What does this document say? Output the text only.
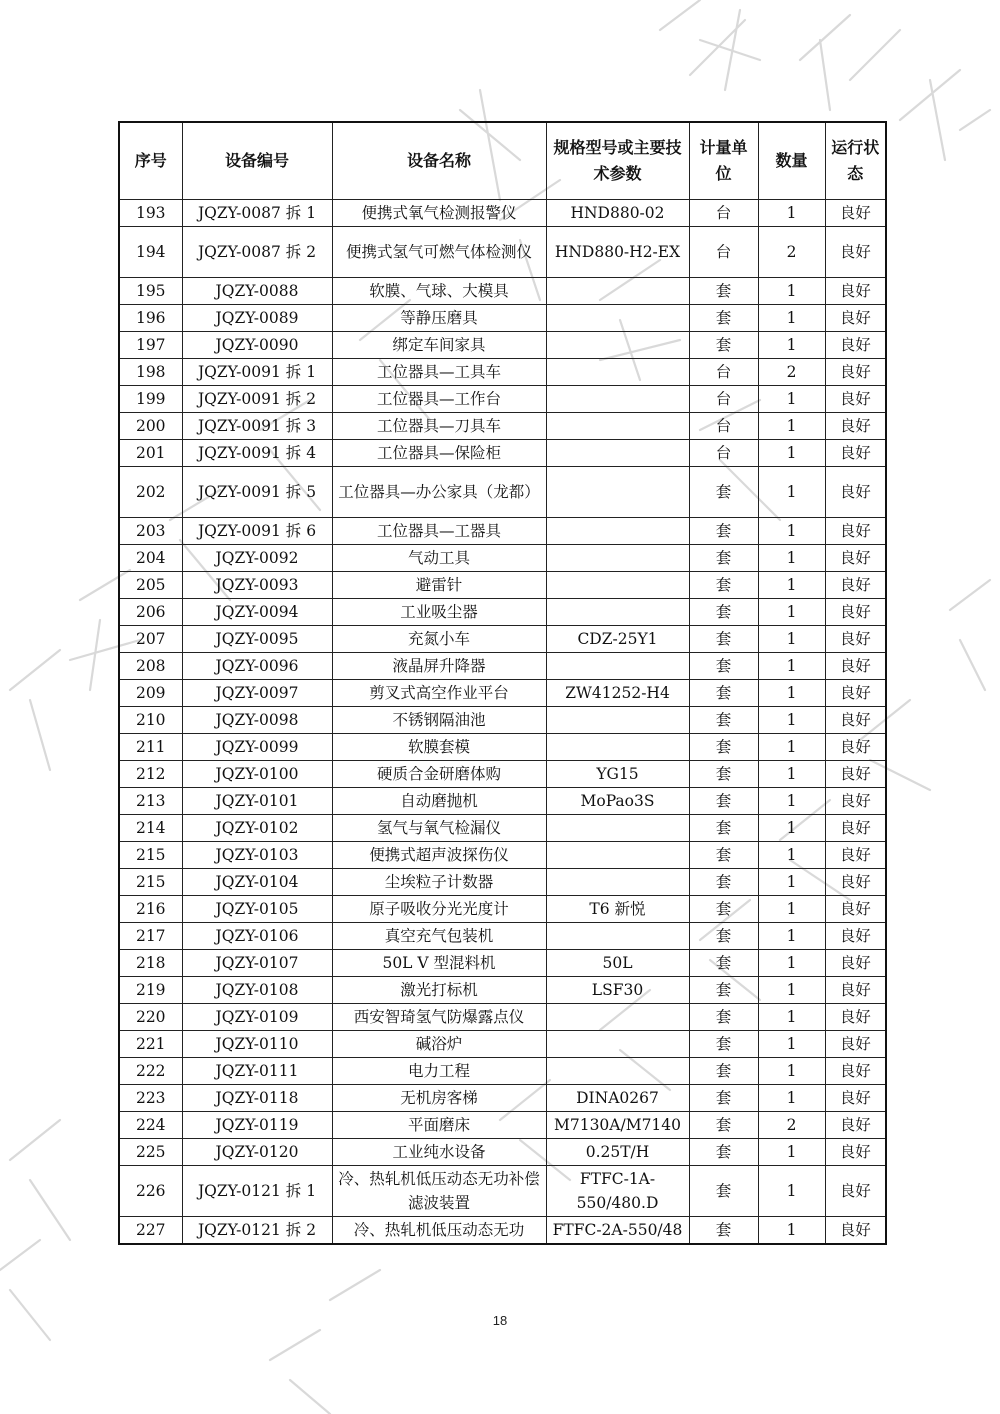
序号	设备编号	设备名称	规格型号或主要技术参数	计量单位	数量	运行状态
193	JQZY-0087 拆 1	便携式氧气检测报警仪	HND880-02	台	1	良好
194	JQZY-0087 拆 2	便携式氢气可燃气体检测仪	HND880-H2-EX	台	2	良好
195	JQZY-0088	软膜、气球、大模具		套	1	良好
196	JQZY-0089	等静压磨具		套	1	良好
197	JQZY-0090	绑定车间家具		套	1	良好
198	JQZY-0091 拆 1	工位器具—工具车		台	2	良好
199	JQZY-0091 拆 2	工位器具—工作台		台	1	良好
200	JQZY-0091 拆 3	工位器具—刀具车		台	1	良好
201	JQZY-0091 拆 4	工位器具—保险柜		台	1	良好
202	JQZY-0091 拆 5	工位器具—办公家具（龙都）		套	1	良好
203	JQZY-0091 拆 6	工位器具—工器具		套	1	良好
204	JQZY-0092	气动工具		套	1	良好
205	JQZY-0093	避雷针		套	1	良好
206	JQZY-0094	工业吸尘器		套	1	良好
207	JQZY-0095	充氮小车	CDZ-25Y1	套	1	良好
208	JQZY-0096	液晶屏升降器		套	1	良好
209	JQZY-0097	剪叉式高空作业平台	ZW41252-H4	套	1	良好
210	JQZY-0098	不锈钢隔油池		套	1	良好
211	JQZY-0099	软膜套模		套	1	良好
212	JQZY-0100	硬质合金研磨体购	YG15	套	1	良好
213	JQZY-0101	自动磨抛机	MoPao3S	套	1	良好
214	JQZY-0102	氢气与氧气检漏仪		套	1	良好
215	JQZY-0103	便携式超声波探伤仪		套	1	良好
215	JQZY-0104	尘埃粒子计数器		套	1	良好
216	JQZY-0105	原子吸收分光光度计	T6 新悦	套	1	良好
217	JQZY-0106	真空充气包装机		套	1	良好
218	JQZY-0107	50L V 型混料机	50L	套	1	良好
219	JQZY-0108	激光打标机	LSF30	套	1	良好
220	JQZY-0109	西安智琦氢气防爆露点仪		套	1	良好
221	JQZY-0110	碱浴炉		套	1	良好
222	JQZY-0111	电力工程		套	1	良好
223	JQZY-0118	无机房客梯	DINA0267	套	1	良好
224	JQZY-0119	平面磨床	M7130A/M7140	套	2	良好
225	JQZY-0120	工业纯水设备	0.25T/H	套	1	良好
226	JQZY-0121 拆 1	冷、热轧机低压动态无功补偿滤波装置	FTFC-1A-550/480.D	套	1	良好
227	JQZY-0121 拆 2	冷、热轧机低压动态无功	FTFC-2A-550/48	套	1	良好
18
